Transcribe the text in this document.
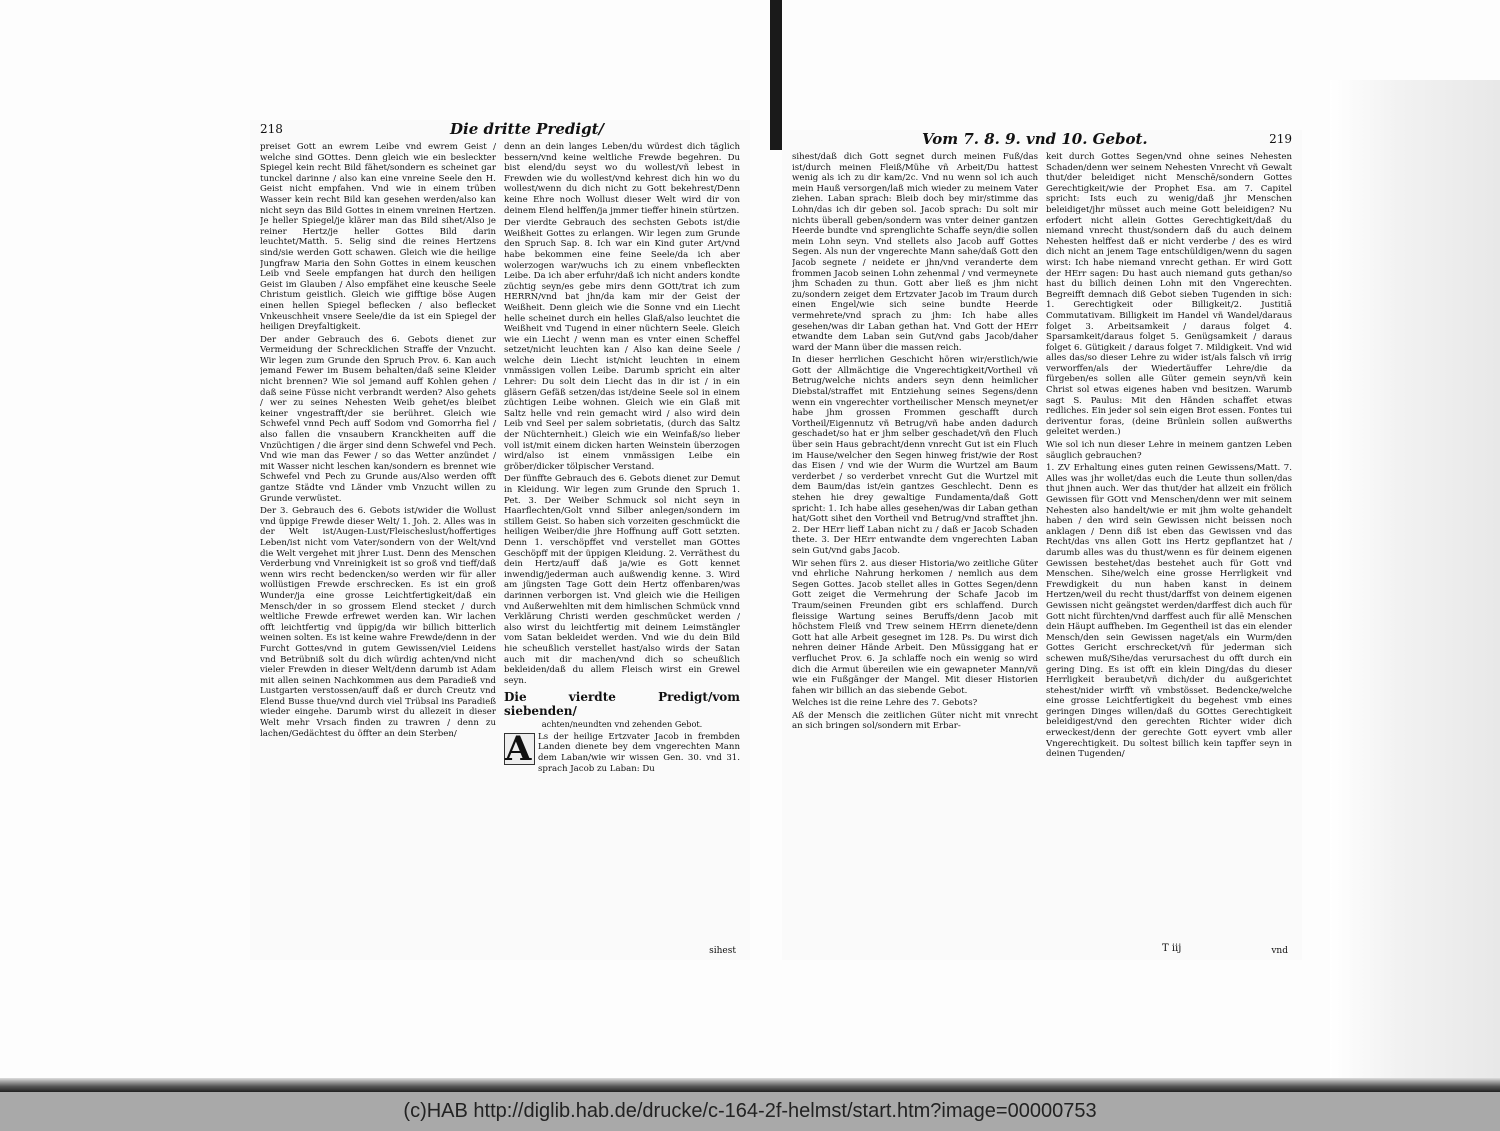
218	Die dritte Predigt/

preiset Gott an ewrem Leibe vnd ewrem Geist / welche sind GOttes. Denn gleich wie ein besleckter Spiegel kein recht Bild fähet/sondern es scheinet gar tunckel darinne / also kan eine vnreine Seele den H. Geist nicht empfahen. Vnd wie in einem trüben Wasser kein recht Bild kan gesehen werden/also kan nicht seyn das Bild Gottes in einem vnreinen Hertzen. Je heller Spiegel/je klärer man das Bild sihet/Also je reiner Hertz/je heller Gottes Bild darin leuchtet/Matth. 5. Selig sind die reines Hertzens sind/sie werden Gott schawen. Gleich wie die heilige Jungfraw Maria den Sohn Gottes in einem keuschen Leib vnd Seele empfangen hat durch den heiligen Geist im Glauben / Also empfähet eine keusche Seele Christum geistlich. Gleich wie gifftige böse Augen einen hellen Spiegel beflecken / also beflecket Vnkeuschheit vnsere Seele/die da ist ein Spiegel der heiligen Dreyfaltigkeit.

Der ander Gebrauch des 6. Gebots dienet zur Vermeidung der Schrecklichen Straffe der Vnzucht. Wir legen zum Grunde den Spruch Prov. 6. Kan auch jemand Fewer im Busem behalten/daß seine Kleider nicht brennen? Wie sol jemand auff Kohlen gehen / daß seine Füsse nicht verbrandt werden? Also gehets / wer zu seines Nehesten Weib gehet/es bleibet keiner vngestrafft/der sie berühret. Gleich wie Schwefel vnnd Pech auff Sodom vnd Gomorrha fiel / also fallen die vnsaubern Kranckheiten auff die Vnzüchtigen / die ärger sind denn Schwefel vnd Pech. Vnd wie man das Fewer / so das Wetter anzündet / mit Wasser nicht leschen kan/sondern es brennet wie Schwefel vnd Pech zu Grunde aus/Also werden offt gantze Städte vnd Länder vmb Vnzucht willen zu Grunde verwüstet.

Der 3. Gebrauch des 6. Gebots ist/wider die Wollust vnd üppige Frewde dieser Welt/ 1. Joh. 2. Alles was in der Welt ist/Augen-Lust/Fleischeslust/hoffertiges Leben/ist nicht vom Vater/sondern von der Welt/vnd die Welt vergehet mit jhrer Lust. Denn des Menschen Verderbung vnd Vnreinigkeit ist so groß vnd tieff/daß wenn wirs recht bedencken/so werden wir für aller wollüstigen Frewde erschrecken. Es ist ein groß Wunder/ja eine grosse Leichtfertigkeit/daß ein Mensch/der in so grossem Elend stecket / durch weltliche Frewde erfrewet werden kan. Wir lachen offt leichtfertig vnd üppig/da wir billich bitterlich weinen solten. Es ist keine wahre Frewde/denn in der Furcht Gottes/vnd in gutem Gewissen/viel Leidens vnd Betrübniß solt du dich würdig achten/vnd nicht vieler Frewden in dieser Welt/denn darumb ist Adam mit allen seinen Nachkommen aus dem Paradieß vnd Lustgarten verstossen/auff daß er durch Creutz vnd Elend Busse thue/vnd durch viel Trübsal ins Paradieß wieder eingehe. Darumb wirst du allezeit in dieser Welt mehr Vrsach finden zu trawren / denn zu lachen/Gedächtest du öffter an dein Sterben/

denn an dein langes Leben/du würdest dich täglich bessern/vnd keine weltliche Frewde begehren. Du bist elend/du seyst wo du wollest/vñ lebest in Frewden wie du wollest/vnd kehrest dich hin wo du wollest/wenn du dich nicht zu Gott bekehrest/Denn keine Ehre noch Wollust dieser Welt wird dir von deinem Elend helffen/ja jmmer tieffer hinein stürtzen.

Der vierdte Gebrauch des sechsten Gebots ist/die Weißheit Gottes zu erlangen. Wir legen zum Grunde den Spruch Sap. 8. Ich war ein Kind guter Art/vnd habe bekommen eine feine Seele/da ich aber wolerzogen war/wuchs ich zu einem vnbefleckten Leibe. Da ich aber erfuhr/daß ich nicht anders kondte züchtig seyn/es gebe mirs denn GOtt/trat ich zum HERRN/vnd bat jhn/da kam mir der Geist der Weißheit. Denn gleich wie die Sonne vnd ein Liecht helle scheinet durch ein helles Glaß/also leuchtet die Weißheit vnd Tugend in einer nüchtern Seele. Gleich wie ein Liecht / wenn man es vnter einen Scheffel setzet/nicht leuchten kan / Also kan deine Seele / welche dein Liecht ist/nicht leuchten in einem vnmässigen vollen Leibe. Darumb spricht ein alter Lehrer: Du solt dein Liecht das in dir ist / in ein gläsern Gefäß setzen/das ist/deine Seele sol in einem züchtigen Leibe wohnen. Gleich wie ein Glaß mit Saltz helle vnd rein gemacht wird / also wird dein Leib vnd Seel per salem sobrietatis, (durch das Saltz der Nüchternheit.) Gleich wie ein Weinfaß/so lieber voll ist/mit einem dicken harten Weinstein überzogen wird/also ist einem vnmässigen Leibe ein gröber/dicker tölpischer Verstand.

Der fünffte Gebrauch des 6. Gebots dienet zur Demut in Kleidung. Wir legen zum Grunde den Spruch 1. Pet. 3. Der Weiber Schmuck sol nicht seyn in Haarflechten/Golt vnnd Silber anlegen/sondern im stillem Geist. So haben sich vorzeiten geschmückt die heiligen Weiber/die jhre Hoffnung auff Gott setzten. Denn 1. verschöpffet vnd verstellet man GOttes Geschöpff mit der üppigen Kleidung. 2. Verräthest du dein Hertz/auff daß ja/wie es Gott kennet inwendig/jederman auch außwendig kenne. 3. Wird am jüngsten Tage Gott dein Hertz offenbaren/was darinnen verborgen ist. Vnd gleich wie die Heiligen vnd Außerwehlten mit dem himlischen Schmück vnnd Verklärung Christi werden geschmücket werden / also wirst du leichtfertig mit deinem Leimstängler vom Satan bekleidet werden. Vnd wie du dein Bild hie scheußlich verstellet hast/also wirds der Satan auch mit dir machen/vnd dich so scheußlich bekleiden/daß du allem Fleisch wirst ein Grewel seyn.

Die vierdte Predigt/vom siebenden/
achten/neundten vnd zehenden Gebot.

A Ls der heilige Ertzvater Jacob in frembden Landen dienete bey dem vngerechten Mann dem Laban/wie wir wissen Gen. 30. vnd 31. sprach Jacob zu Laban: Du

sihest
Vom 7. 8. 9. vnd 10. Gebot.	219

sihest/daß dich Gott segnet durch meinen Fuß/das ist/durch meinen Fleiß/Mühe vñ Arbeit/Du hattest wenig als ich zu dir kam/2c. Vnd nu wenn sol ich auch mein Hauß versorgen/laß mich wieder zu meinem Vater ziehen. Laban sprach: Bleib doch bey mir/stimme das Lohn/das ich dir geben sol. Jacob sprach: Du solt mir nichts überall geben/sondern was vnter deiner gantzen Heerde bundte vnd sprenglichte Schaffe seyn/die sollen mein Lohn seyn. Vnd stellets also Jacob auff Gottes Segen. Als nun der vngerechte Mann sahe/daß Gott den Jacob segnete / neidete er jhn/vnd veranderte dem frommen Jacob seinen Lohn zehenmal / vnd vermeynete jhm Schaden zu thun. Gott aber ließ es jhm nicht zu/sondern zeiget dem Ertzvater Jacob im Traum durch einen Engel/wie sich seine bundte Heerde vermehrete/vnd sprach zu jhm: Ich habe alles gesehen/was dir Laban gethan hat. Vnd Gott der HErr etwandte dem Laban sein Gut/vnd gabs Jacob/daher ward der Mann über die massen reich.

In dieser herrlichen Geschicht hören wir/erstlich/wie Gott der Allmächtige die Vngerechtigkeit/Vortheil vñ Betrug/welche nichts anders seyn denn heimlicher Diebstal/straffet mit Entziehung seines Segens/denn wenn ein vngerechter vortheilischer Mensch meynet/er habe jhm grossen Frommen geschafft durch Vortheil/Eigennutz vñ Betrug/vñ habe anden dadurch geschadet/so hat er jhm selber geschadet/vñ den Fluch über sein Haus gebracht/denn vnrecht Gut ist ein Fluch im Hause/welcher den Segen hinweg frist/wie der Rost das Eisen / vnd wie der Wurm die Wurtzel am Baum verderbet / so verderbet vnrecht Gut die Wurtzel mit dem Baum/das ist/ein gantzes Geschlecht. Denn es stehen hie drey gewaltige Fundamenta/daß Gott spricht: 1. Ich habe alles gesehen/was dir Laban gethan hat/Gott sihet den Vortheil vnd Betrug/vnd strafftet jhn. 2. Der HErr lieff Laban nicht zu / daß er Jacob Schaden thete. 3. Der HErr entwandte dem vngerechten Laban sein Gut/vnd gabs Jacob.

Wir sehen fürs 2. aus dieser Historia/wo zeitliche Güter vnd ehrliche Nahrung herkomen / nemlich aus dem Segen Gottes. Jacob stellet alles in Gottes Segen/denn Gott zeiget die Vermehrung der Schafe Jacob im Traum/seinen Freunden gibt ers schlaffend. Durch fleissige Wartung seines Beruffs/denn Jacob mit höchstem Fleiß vnd Trew seinem HErrn dienete/denn Gott hat alle Arbeit gesegnet im 128. Ps. Du wirst dich nehren deiner Hände Arbeit. Den Müssiggang hat er verfluchet Prov. 6. Ja schlaffe noch ein wenig so wird dich die Armut übereilen wie ein gewapneter Mann/vñ wie ein Fußgänger der Mangel. Mit dieser Historien fahen wir billich an das siebende Gebot.

Welches ist die reine Lehre des 7. Gebots?

Aß der Mensch die zeitlichen Güter nicht mit vnrecht an sich bringen sol/sondern mit Erbar-

keit durch Gottes Segen/vnd ohne seines Nehesten Schaden/denn wer seinem Nehesten Vnrecht vñ Gewalt thut/der beleidiget nicht Menschē/sondern Gottes Gerechtigkeit/wie der Prophet Esa. am 7. Capitel spricht: Ists euch zu wenig/daß jhr Menschen beleidiget/jhr müsset auch meine Gott beleidigen? Nu erfodert nicht allein Gottes Gerechtigkeit/daß du niemand vnrecht thust/sondern daß du auch deinem Nehesten helffest daß er nicht verderbe / des es wird dich nicht an jenem Tage entschüldigen/wenn du sagen wirst: Ich habe niemand vnrecht gethan. Er wird Gott der HErr sagen: Du hast auch niemand guts gethan/so hast du billich deinen Lohn mit den Vngerechten. Begreifft demnach diß Gebot sieben Tugenden in sich: 1. Gerechtigkeit oder Billigkeit/2. Justitiā Commutativam. Billigkeit im Handel vñ Wandel/daraus folget 3. Arbeitsamkeit / daraus folget 4. Sparsamkeit/daraus folget 5. Genügsamkeit / daraus folget 6. Gütigkeit / daraus folget 7. Mildigkeit. Vnd wid alles das/so dieser Lehre zu wider ist/als falsch vñ irrig verworffen/als der Wiedertäuffer Lehre/die da fürgeben/es sollen alle Güter gemein seyn/vñ kein Christ sol etwas eigenes haben vnd besitzen. Warumb sagt S. Paulus: Mit den Händen schaffet etwas redliches. Ein jeder sol sein eigen Brot essen. Fontes tui deriventur foras, (deine Brünlein sollen außwerths geleitet werden.)

Wie sol ich nun dieser Lehre in meinem gantzen Leben säuglich gebrauchen?

1. ZV Erhaltung eines guten reinen Gewissens/Matt. 7. Alles was jhr wollet/das euch die Leute thun sollen/das thut jhnen auch. Wer das thut/der hat allzeit ein frölich Gewissen für GOtt vnd Menschen/denn wer mit seinem Nehesten also handelt/wie er mit jhm wolte gehandelt haben / den wird sein Gewissen nicht beissen noch anklagen / Denn diß ist eben das Gewissen vnd das Recht/das vns allen Gott ins Hertz gepflantzet hat / darumb alles was du thust/wenn es für deinem eigenen Gewissen bestehet/das bestehet auch für Gott vnd Menschen. Sihe/welch eine grosse Herrligkeit vnd Frewdigkeit du nun haben kanst in deinem Hertzen/weil du recht thust/darffst von deinem eigenen Gewissen nicht geängstet werden/darffest dich auch für Gott nicht fürchten/vnd darffest auch für allē Menschen dein Häupt auffheben. Im Gegentheil ist das ein elender Mensch/den sein Gewissen naget/als ein Wurm/den Gottes Gericht erschrecket/vñ für jederman sich schewen muß/Sihe/das verursachest du offt durch ein gering Ding. Es ist offt ein klein Ding/das du dieser Herrligkeit beraubet/vñ dich/der du außgerichtet stehest/nider wirfft vñ vmbstösset. Bedencke/welche eine grosse Leichtfertigkeit du begehest vmb eines geringen Dinges willen/daß du GOttes Gerechtigkeit beleidigest/vnd den gerechten Richter wider dich erweckest/denn der gerechte Gott eyvert vmb aller Vngerechtigkeit. Du soltest billich kein tapffer seyn in deinen Tugenden/

T iij	vnd
(c)HAB http://diglib.hab.de/drucke/c-164-2f-helmst/start.htm?image=00000753
